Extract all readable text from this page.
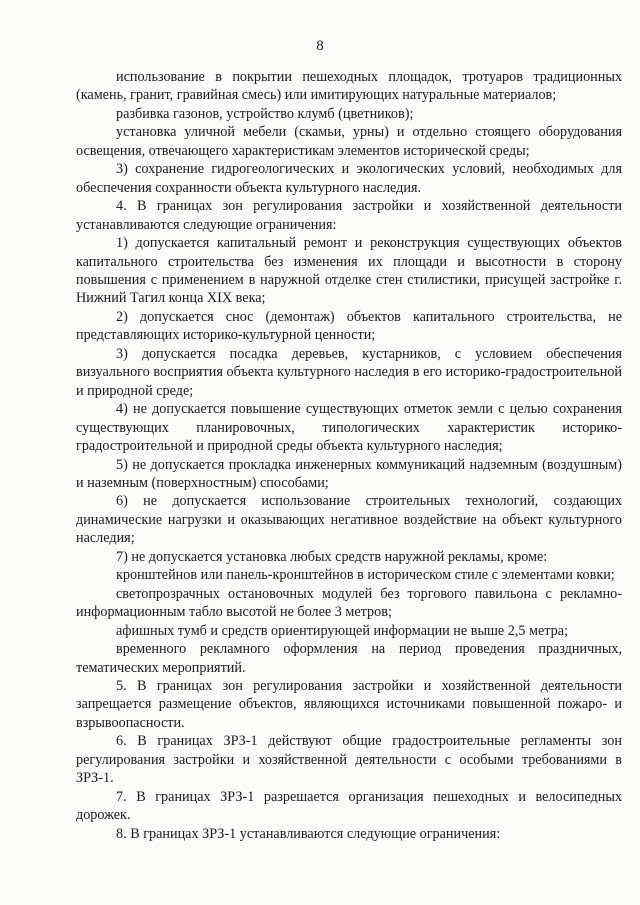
8

использование в покрытии пешеходных площадок, тротуаров традиционных (камень, гранит, гравийная смесь) или имитирующих натуральные материалов;

разбивка газонов, устройство клумб (цветников);

установка уличной мебели (скамьи, урны) и отдельно стоящего оборудования освещения, отвечающего характеристикам элементов исторической среды;

3) сохранение гидрогеологических и экологических условий, необходимых для обеспечения сохранности объекта культурного наследия.

4. В границах зон регулирования застройки и хозяйственной деятельности устанавливаются следующие ограничения:

1) допускается капитальный ремонт и реконструкция существующих объектов капитального строительства без изменения их площади и высотности в сторону повышения с применением в наружной отделке стен стилистики, присущей застройке г. Нижний Тагил конца XIX века;

2) допускается снос (демонтаж) объектов капитального строительства, не представляющих историко-культурной ценности;

3) допускается посадка деревьев, кустарников, с условием обеспечения визуального восприятия объекта культурного наследия в его историко-градостроительной и природной среде;

4) не допускается повышение существующих отметок земли с целью сохранения существующих планировочных, типологических характеристик историко-градостроительной и природной среды объекта культурного наследия;

5) не допускается прокладка инженерных коммуникаций надземным (воздушным) и наземным (поверхностным) способами;

6) не допускается использование строительных технологий, создающих динамические нагрузки и оказывающих негативное воздействие на объект культурного наследия;

7) не допускается установка любых средств наружной рекламы, кроме:

кронштейнов или панель-кронштейнов в историческом стиле с элементами ковки;

светопрозрачных остановочных модулей без торгового павильона с рекламно-информационным табло высотой не более 3 метров;

афишных тумб и средств ориентирующей информации не выше 2,5 метра;

временного рекламного оформления на период проведения праздничных, тематических мероприятий.

5. В границах зон регулирования застройки и хозяйственной деятельности запрещается размещение объектов, являющихся источниками повышенной пожаро- и взрывоопасности.

6. В границах ЗРЗ-1 действуют общие градостроительные регламенты зон регулирования застройки и хозяйственной деятельности с особыми требованиями в ЗРЗ-1.

7. В границах ЗРЗ-1 разрешается организация пешеходных и велосипедных дорожек.

8. В границах ЗРЗ-1 устанавливаются следующие ограничения:
